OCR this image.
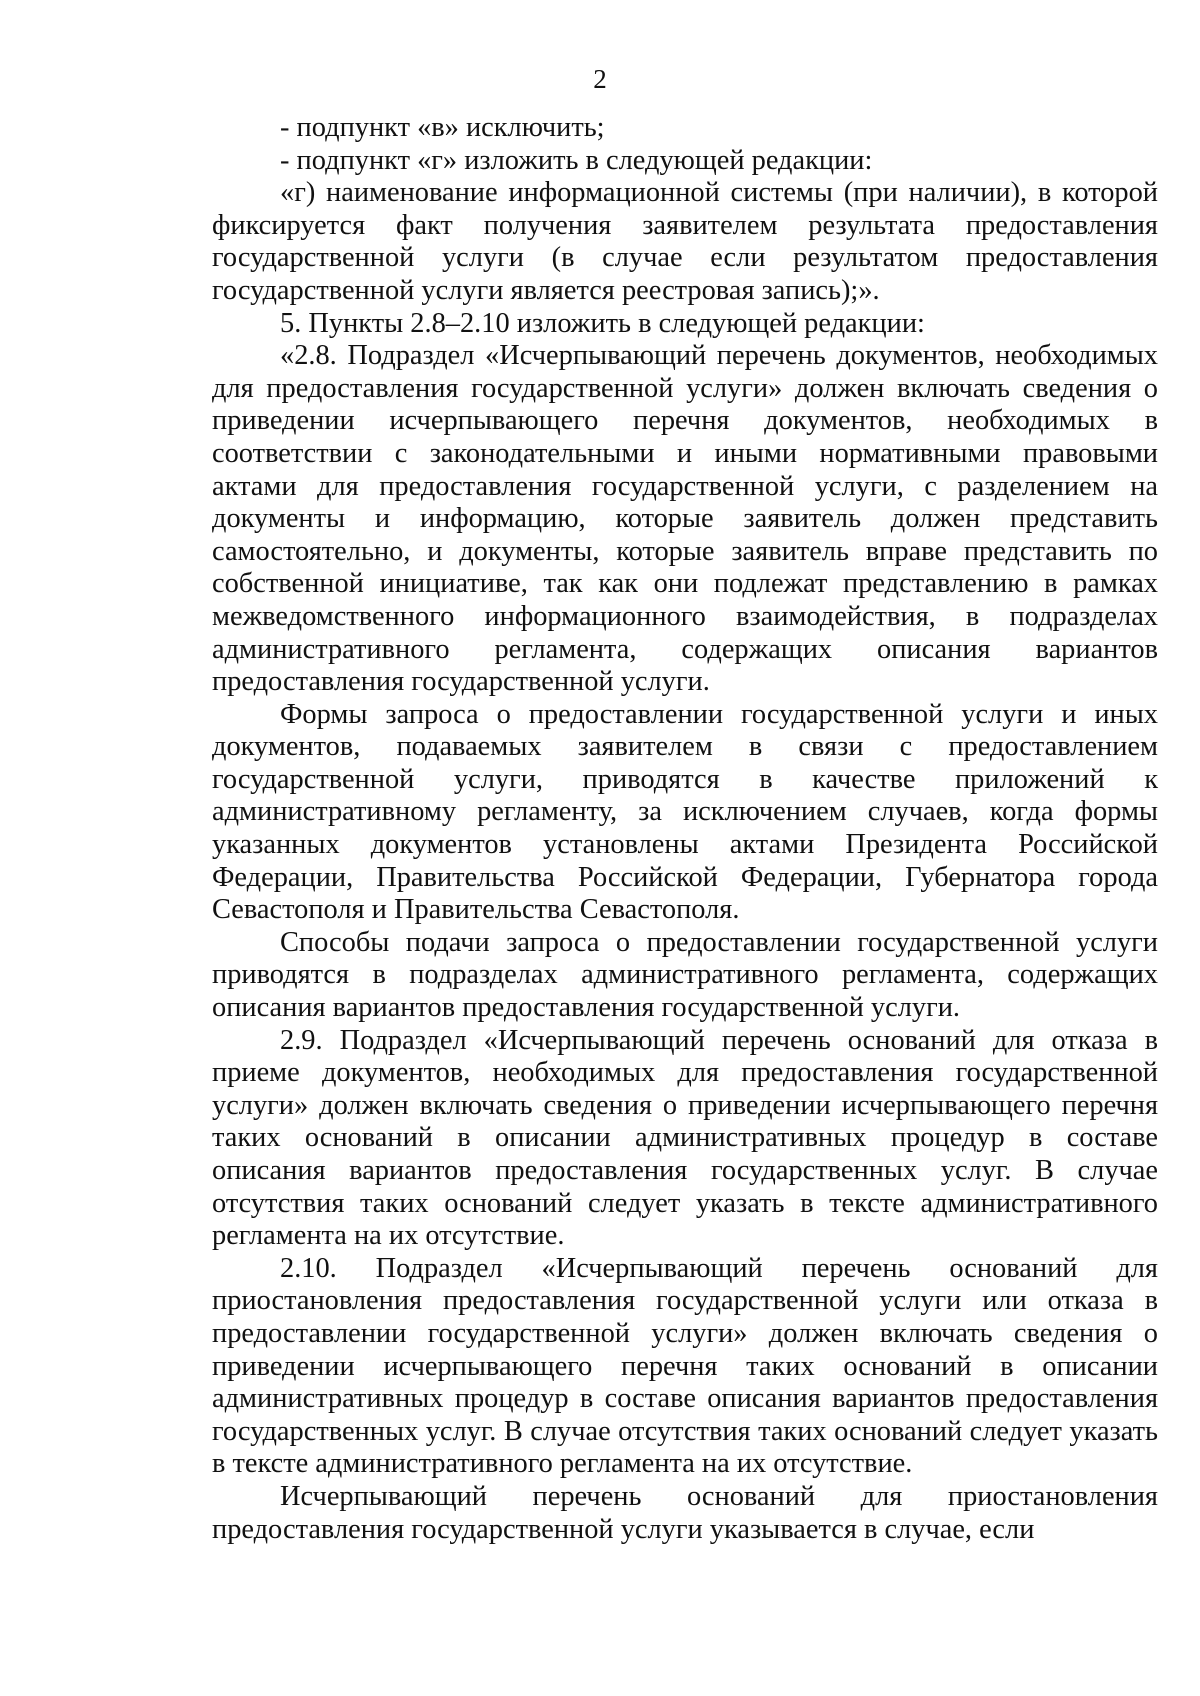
2

- подпункт «в» исключить;

- подпункт «г» изложить в следующей редакции:

«г) наименование информационной системы (при наличии), в которой фиксируется факт получения заявителем результата предоставления государственной услуги (в случае если результатом предоставления государственной услуги является реестровая запись);».

5. Пункты 2.8–2.10 изложить в следующей редакции:

«2.8. Подраздел «Исчерпывающий перечень документов, необходимых для предоставления государственной услуги» должен включать сведения о приведении исчерпывающего перечня документов, необходимых в соответствии с законодательными и иными нормативными правовыми актами для предоставления государственной услуги, с разделением на документы и информацию, которые заявитель должен представить самостоятельно, и документы, которые заявитель вправе представить по собственной инициативе, так как они подлежат представлению в рамках межведомственного информационного взаимодействия, в подразделах административного регламента, содержащих описания вариантов предоставления государственной услуги.

Формы запроса о предоставлении государственной услуги и иных документов, подаваемых заявителем в связи с предоставлением государственной услуги, приводятся в качестве приложений к административному регламенту, за исключением случаев, когда формы указанных документов установлены актами Президента Российской Федерации, Правительства Российской Федерации, Губернатора города Севастополя и Правительства Севастополя.

Способы подачи запроса о предоставлении государственной услуги приводятся в подразделах административного регламента, содержащих описания вариантов предоставления государственной услуги.

2.9. Подраздел «Исчерпывающий перечень оснований для отказа в приеме документов, необходимых для предоставления государственной услуги» должен включать сведения о приведении исчерпывающего перечня таких оснований в описании административных процедур в составе описания вариантов предоставления государственных услуг. В случае отсутствия таких оснований следует указать в тексте административного регламента на их отсутствие.

2.10. Подраздел «Исчерпывающий перечень оснований для приостановления предоставления государственной услуги или отказа в предоставлении государственной услуги» должен включать сведения о приведении исчерпывающего перечня таких оснований в описании административных процедур в составе описания вариантов предоставления государственных услуг. В случае отсутствия таких оснований следует указать в тексте административного регламента на их отсутствие.

Исчерпывающий перечень оснований для приостановления предоставления государственной услуги указывается в случае, если
